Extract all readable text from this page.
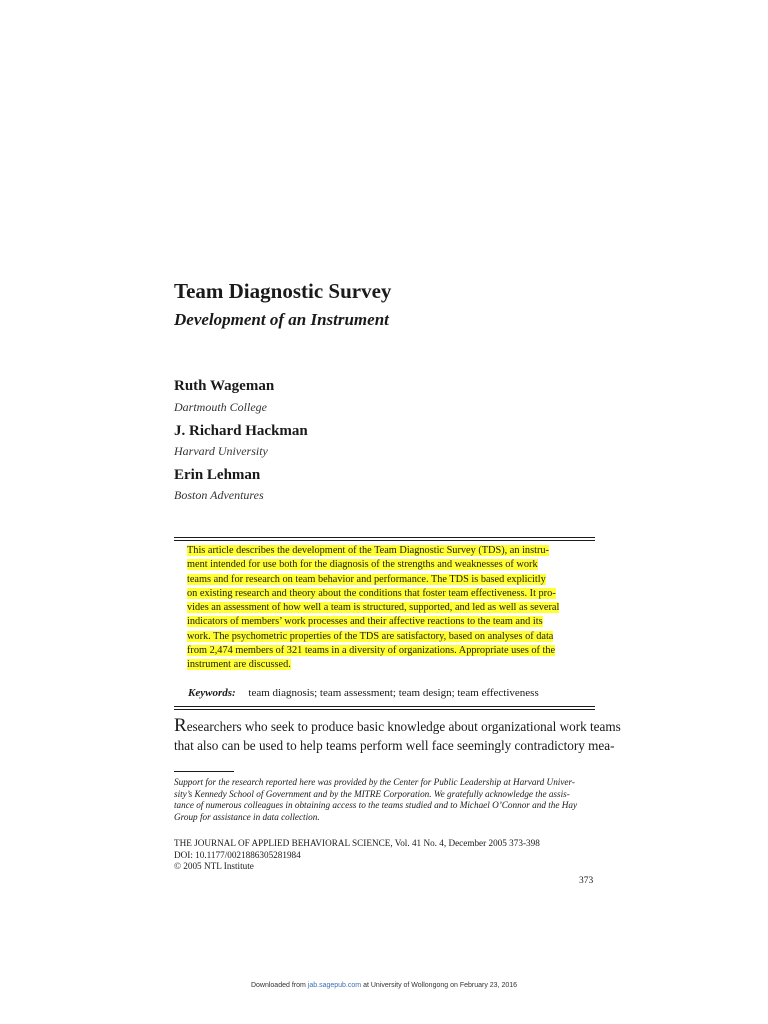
Team Diagnostic Survey
Development of an Instrument
Ruth Wageman
Dartmouth College
J. Richard Hackman
Harvard University
Erin Lehman
Boston Adventures
This article describes the development of the Team Diagnostic Survey (TDS), an instru-
ment intended for use both for the diagnosis of the strengths and weaknesses of work
teams and for research on team behavior and performance. The TDS is based explicitly
on existing research and theory about the conditions that foster team effectiveness. It pro-
vides an assessment of how well a team is structured, supported, and led as well as several
indicators of members’ work processes and their affective reactions to the team and its
work. The psychometric properties of the TDS are satisfactory, based on analyses of data
from 2,474 members of 321 teams in a diversity of organizations. Appropriate uses of the
instrument are discussed.
Keywords: team diagnosis; team assessment; team design; team effectiveness
Researchers who seek to produce basic knowledge about organizational work teams
that also can be used to help teams perform well face seemingly contradictory mea-
Support for the research reported here was provided by the Center for Public Leadership at Harvard Univer-
sity’s Kennedy School of Government and by the MITRE Corporation. We gratefully acknowledge the assis-
tance of numerous colleagues in obtaining access to the teams studied and to Michael O’Connor and the Hay
Group for assistance in data collection.
THE JOURNAL OF APPLIED BEHAVIORAL SCIENCE, Vol. 41 No. 4, December 2005 373-398
DOI: 10.1177/0021886305281984
© 2005 NTL Institute
373
Downloaded from jab.sagepub.com at University of Wollongong on February 23, 2016
